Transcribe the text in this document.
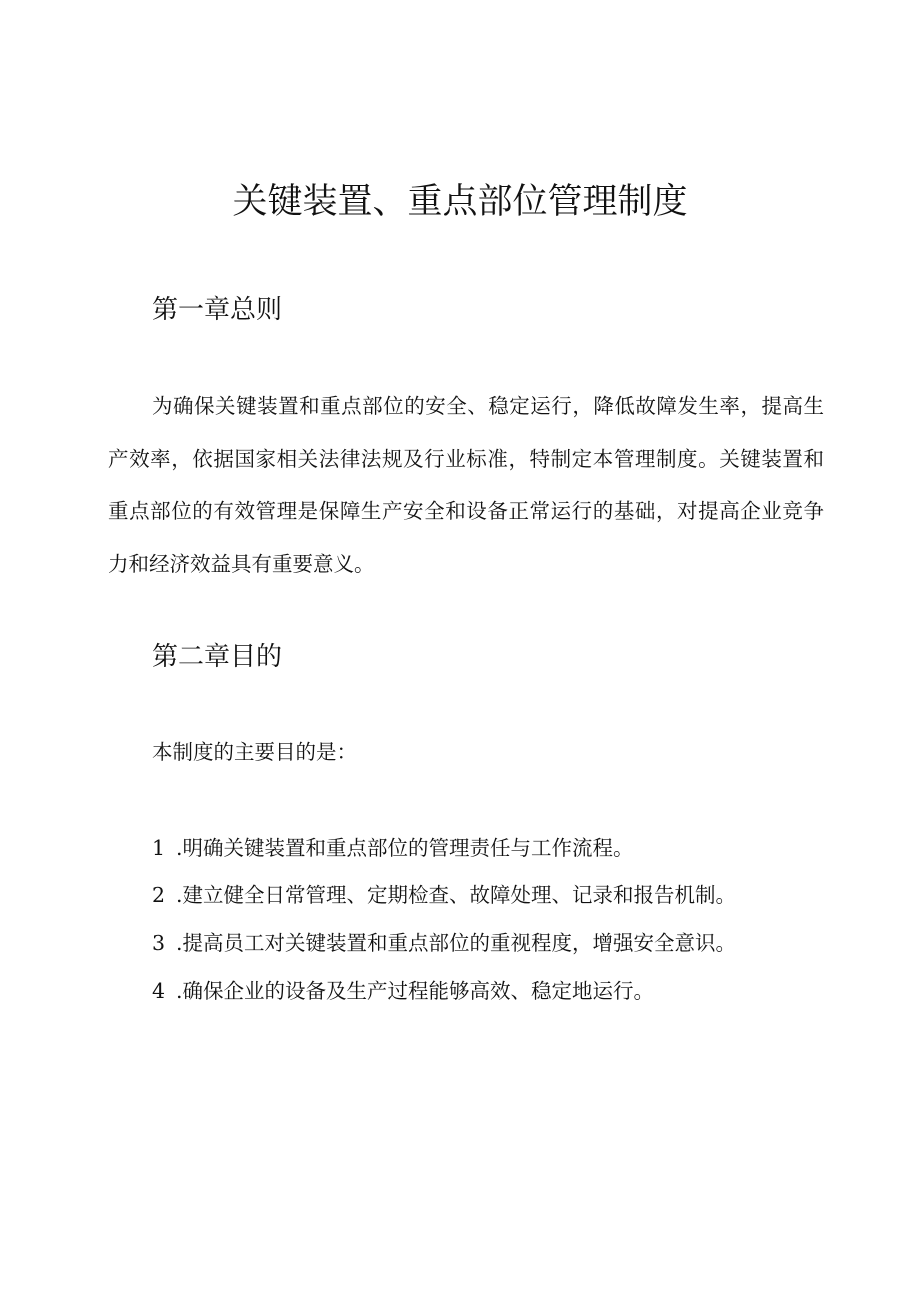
关键装置、重点部位管理制度
第一章总则

为确保关键装置和重点部位的安全、稳定运行，降低故障发生率，提高生产效率，依据国家相关法律法规及行业标准，特制定本管理制度。关键装置和重点部位的有效管理是保障生产安全和设备正常运行的基础，对提高企业竞争力和经济效益具有重要意义。

第二章目的

本制度的主要目的是：

1 .明确关键装置和重点部位的管理责任与工作流程。
2 .建立健全日常管理、定期检查、故障处理、记录和报告机制。
3 .提高员工对关键装置和重点部位的重视程度，增强安全意识。
4 .确保企业的设备及生产过程能够高效、稳定地运行。
